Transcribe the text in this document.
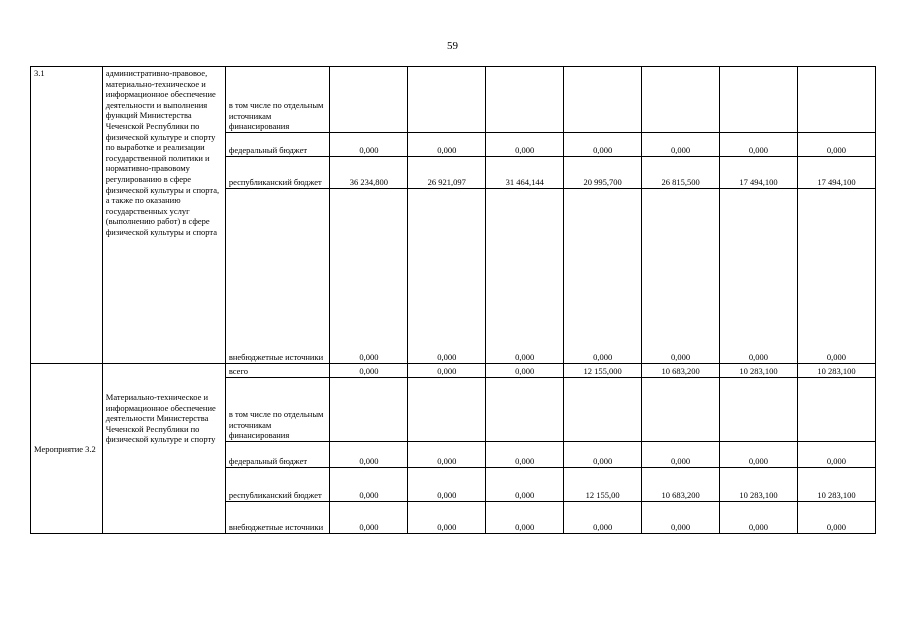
59
3.1	административно-правовое, материально-техническое и информационное обеспечение деятельности и выполнения функций Министерства Чеченской Республики по физической культуре и спорту по выработке и реализации государственной политики и нормативно-правовому регулированию в сфере физической культуры и спорта, а также по оказанию государственных услуг (выполнению работ) в сфере физической культуры и спорта	в том числе по отдельным источникам финансирования							
		федеральный бюджет	0,000	0,000	0,000	0,000	0,000	0,000	0,000
		республиканский бюджет	36 234,800	26 921,097	31 464,144	20 995,700	26 815,500	17 494,100	17 494,100
		внебюджетные источники	0,000	0,000	0,000	0,000	0,000	0,000	0,000
Мероприятие 3.2	Материально-техническое и информационное обеспечение деятельности Министерства Чеченской Республики по физической культуре и спорту	всего	0,000	0,000	0,000	12 155,000	10 683,200	10 283,100	10 283,100
		в том числе по отдельным источникам финансирования							
		федеральный бюджет	0,000	0,000	0,000	0,000	0,000	0,000	0,000
		республиканский бюджет	0,000	0,000	0,000	12 155,00	10 683,200	10 283,100	10 283,100
		внебюджетные источники	0,000	0,000	0,000	0,000	0,000	0,000	0,000
